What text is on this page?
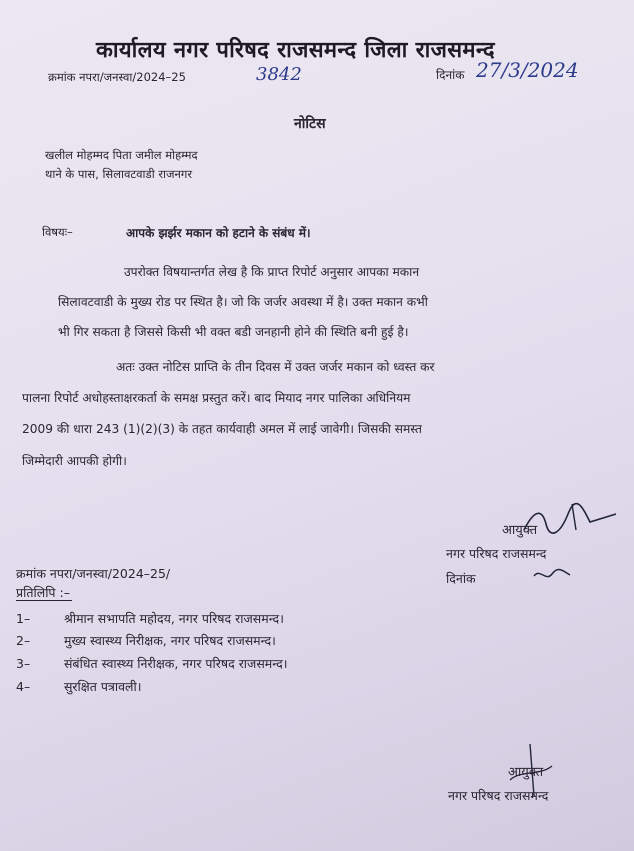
कार्यालय नगर परिषद राजसमन्द जिला राजसमन्द
क्रमांक नपरा/जनस्वा/2024–25	3842	दिनांक 27/3/2024
नोटिस
खलील मोहम्मद पिता जमील मोहम्मद
थाने के पास, सिलावटवाडी राजनगर
विषयः–	आपके झर्झर मकान को हटाने के संबंध में।

उपरोक्त विषयान्तर्गत लेख है कि प्राप्त रिपोर्ट अनुसार आपका मकान

सिलावटवाडी के मुख्य रोड पर स्थित है। जो कि जर्जर अवस्था में है। उक्त मकान कभी

भी गिर सकता है जिससे किसी भी वक्त बडी जनहानी होने की स्थिति बनी हुई है।

अतः उक्त नोटिस प्राप्ति के तीन दिवस में उक्त जर्जर मकान को ध्वस्त कर

पालना रिपोर्ट अधोहस्ताक्षरकर्ता के समक्ष प्रस्तुत करें। बाद मियाद नगर पालिका अधिनियम

2009 की धारा 243 (1)(2)(3) के तहत कार्यवाही अमल में लाई जावेगी। जिसकी समस्त

जिम्मेदारी आपकी होगी।

आयुक्त
नगर परिषद राजसमन्द
दिनांक
क्रमांक नपरा/जनस्वा/2024–25/
प्रतिलिपि :–
1–	श्रीमान सभापति महोदय, नगर परिषद राजसमन्द।
2–	मुख्य स्वास्थ्य निरीक्षक, नगर परिषद राजसमन्द।
3–	संबंधित स्वास्थ्य निरीक्षक, नगर परिषद राजसमन्द।
4–	सुरक्षित पत्रावली।
आयुक्त
नगर परिषद राजसमन्द
